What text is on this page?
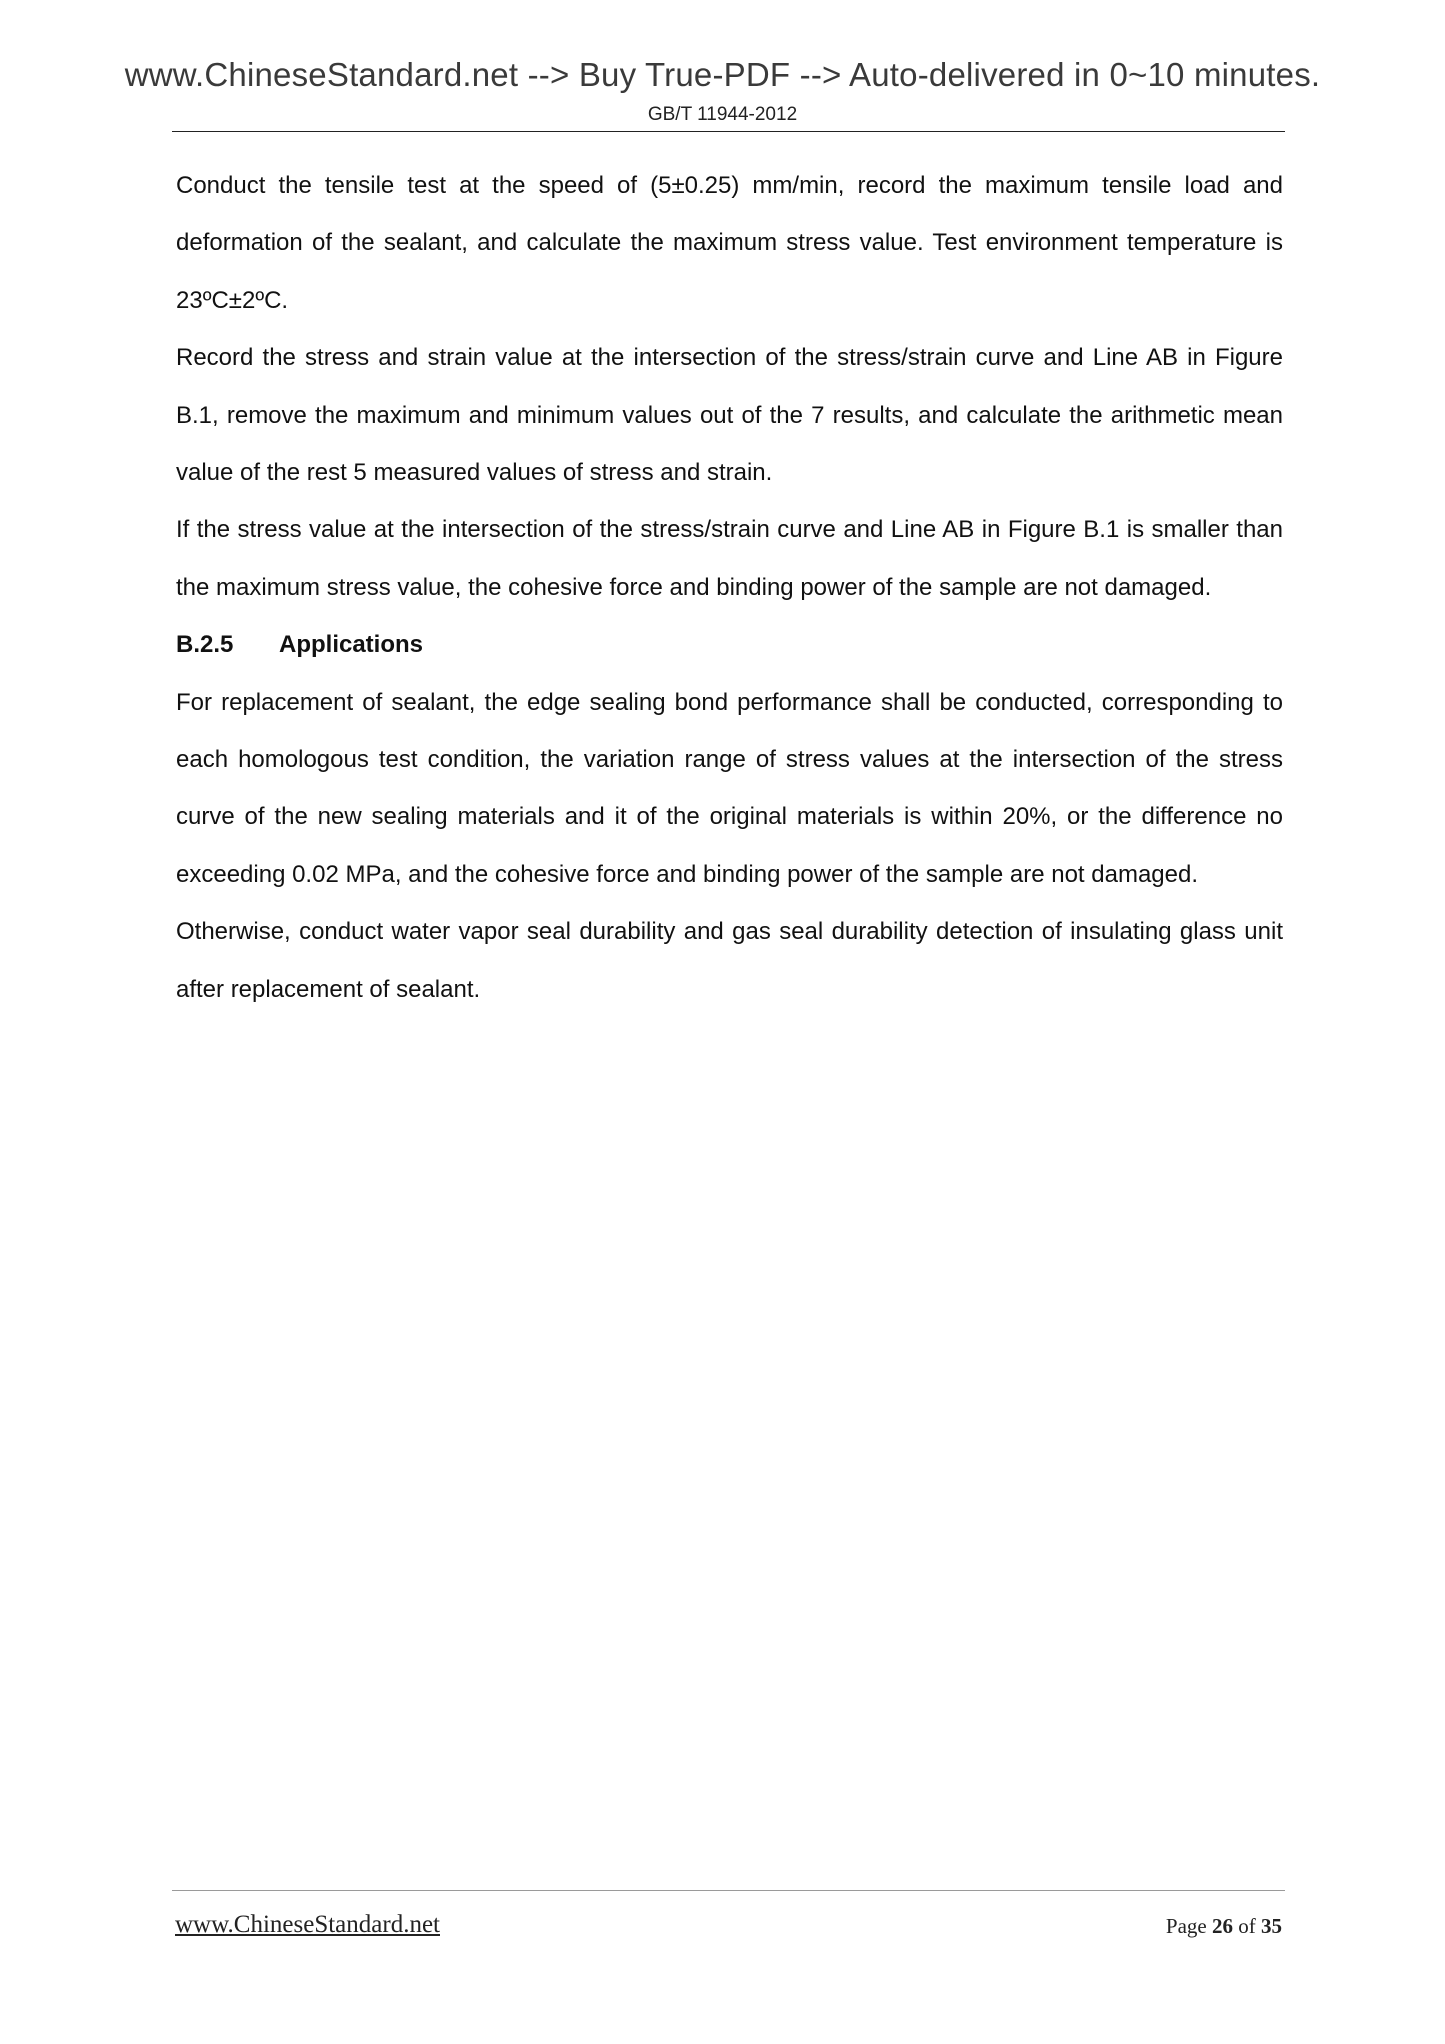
www.ChineseStandard.net --> Buy True-PDF --> Auto-delivered in 0~10 minutes.
GB/T 11944-2012

Conduct the tensile test at the speed of (5±0.25) mm/min, record the maximum tensile load and deformation of the sealant, and calculate the maximum stress value. Test environment temperature is 23ºC±2ºC.

Record the stress and strain value at the intersection of the stress/strain curve and Line AB in Figure B.1, remove the maximum and minimum values out of the 7 results, and calculate the arithmetic mean value of the rest 5 measured values of stress and strain.

If the stress value at the intersection of the stress/strain curve and Line AB in Figure B.1 is smaller than the maximum stress value, the cohesive force and binding power of the sample are not damaged.

B.2.5 Applications

For replacement of sealant, the edge sealing bond performance shall be conducted, corresponding to each homologous test condition, the variation range of stress values at the intersection of the stress curve of the new sealing materials and it of the original materials is within 20%, or the difference no exceeding 0.02 MPa, and the cohesive force and binding power of the sample are not damaged.

Otherwise, conduct water vapor seal durability and gas seal durability detection of insulating glass unit after replacement of sealant.

www.ChineseStandard.net	Page 26 of 35
